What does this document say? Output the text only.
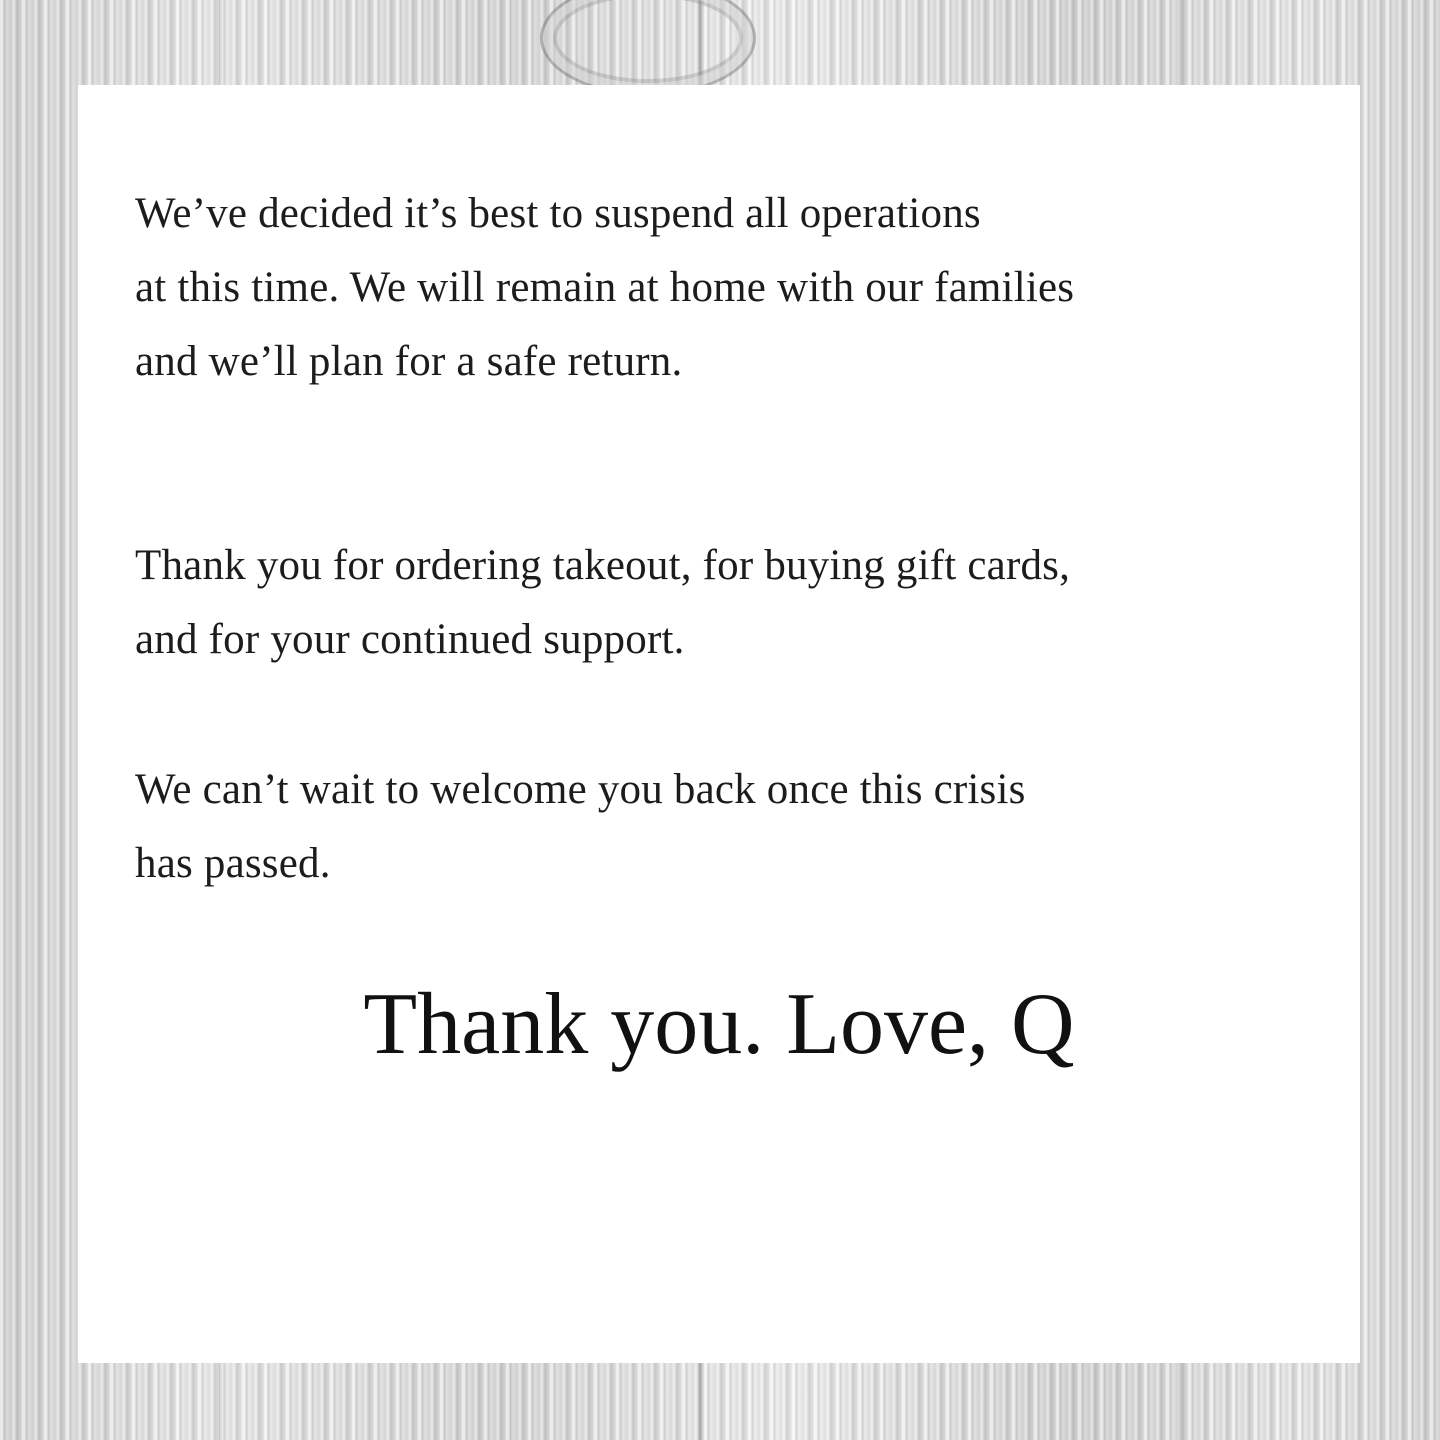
We’ve decided it’s best to suspend all operations
at this time. We will remain at home with our families
and we’ll plan for a safe return.

Thank you for ordering takeout, for buying gift cards,
and for your continued support.

We can’t wait to welcome you back once this crisis
has passed.

Thank you. Love, Q
